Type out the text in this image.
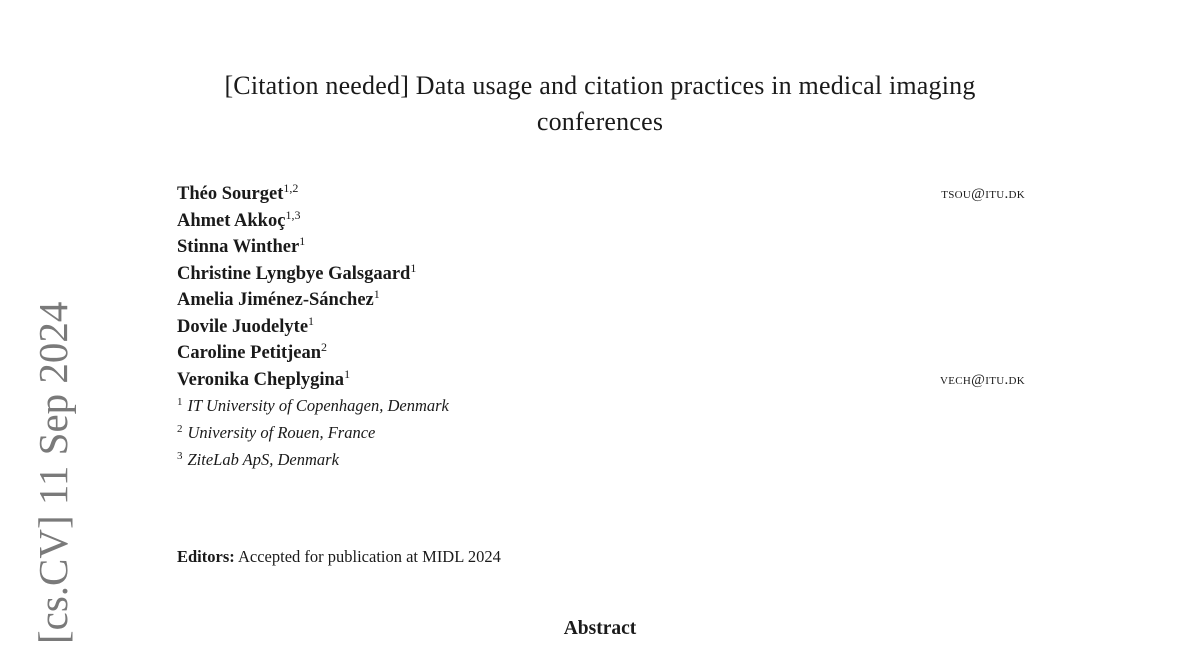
[cs.CV] 11 Sep 2024
[Citation needed] Data usage and citation practices in medical imaging conferences
Théo Sourget$^{1,2}$	tsou@itu.dk
Ahmet Akkoç$^{1,3}$
Stinna Winther$^1$
Christine Lyngbye Galsgaard$^1$
Amelia Jiménez-Sánchez$^1$
Dovile Juodelyte$^1$
Caroline Petitjean$^2$
Veronika Cheplygina$^1$	vech@itu.dk
$^1$ IT University of Copenhagen, Denmark
$^2$ University of Rouen, France
$^3$ ZiteLab ApS, Denmark
Editors: Accepted for publication at MIDL 2024
Abstract
